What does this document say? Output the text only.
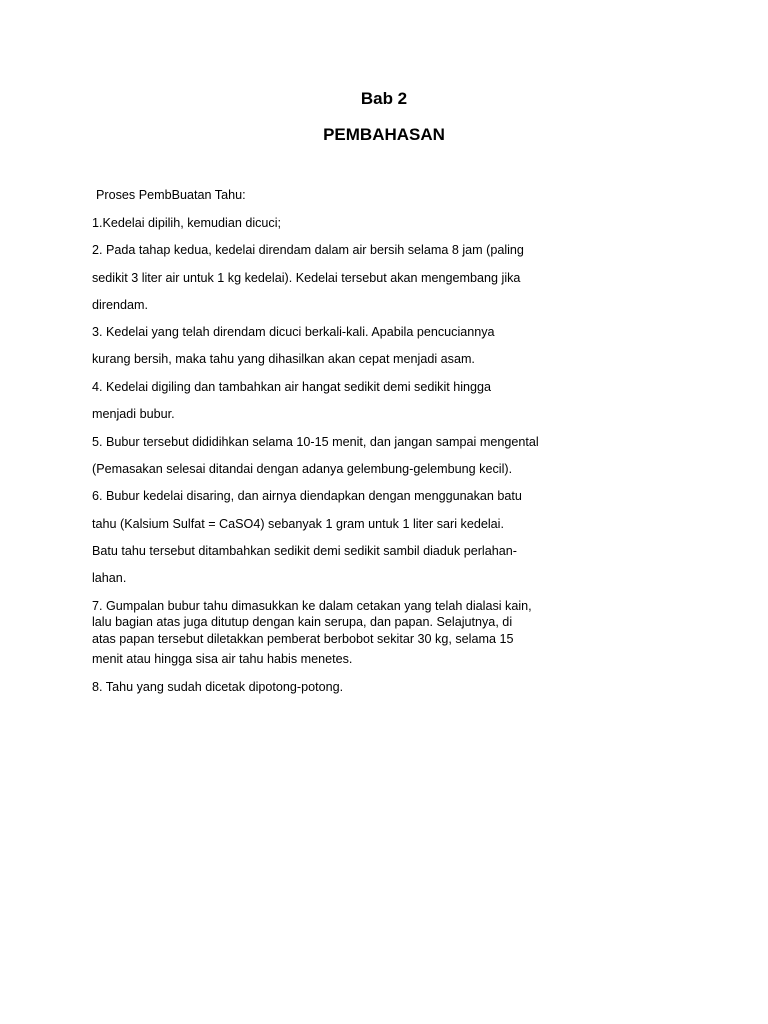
Bab 2
PEMBAHASAN

Proses PembBuatan Tahu:

1.Kedelai dipilih, kemudian dicuci;

2. Pada tahap kedua, kedelai direndam dalam air bersih selama 8 jam (paling

sedikit 3 liter air untuk 1 kg kedelai). Kedelai tersebut akan mengembang jika

direndam.

3. Kedelai yang telah direndam dicuci berkali-kali. Apabila pencuciannya

kurang bersih, maka tahu yang dihasilkan akan cepat menjadi asam.

4. Kedelai digiling dan tambahkan air hangat sedikit demi sedikit hingga

menjadi bubur.

5. Bubur tersebut dididihkan selama 10-15 menit, dan jangan sampai mengental

(Pemasakan selesai ditandai dengan adanya gelembung-gelembung kecil).

6. Bubur kedelai disaring, dan airnya diendapkan dengan menggunakan batu

tahu (Kalsium Sulfat = CaSO4) sebanyak 1 gram untuk 1 liter sari kedelai.

Batu tahu tersebut ditambahkan sedikit demi sedikit sambil diaduk perlahan-

lahan.

7. Gumpalan bubur tahu dimasukkan ke dalam cetakan yang telah dialasi kain,

lalu bagian atas juga ditutup dengan kain serupa, dan papan. Selajutnya, di

atas papan tersebut diletakkan pemberat berbobot sekitar 30 kg, selama 15

menit atau hingga sisa air tahu habis menetes.

8. Tahu yang sudah dicetak dipotong-potong.
